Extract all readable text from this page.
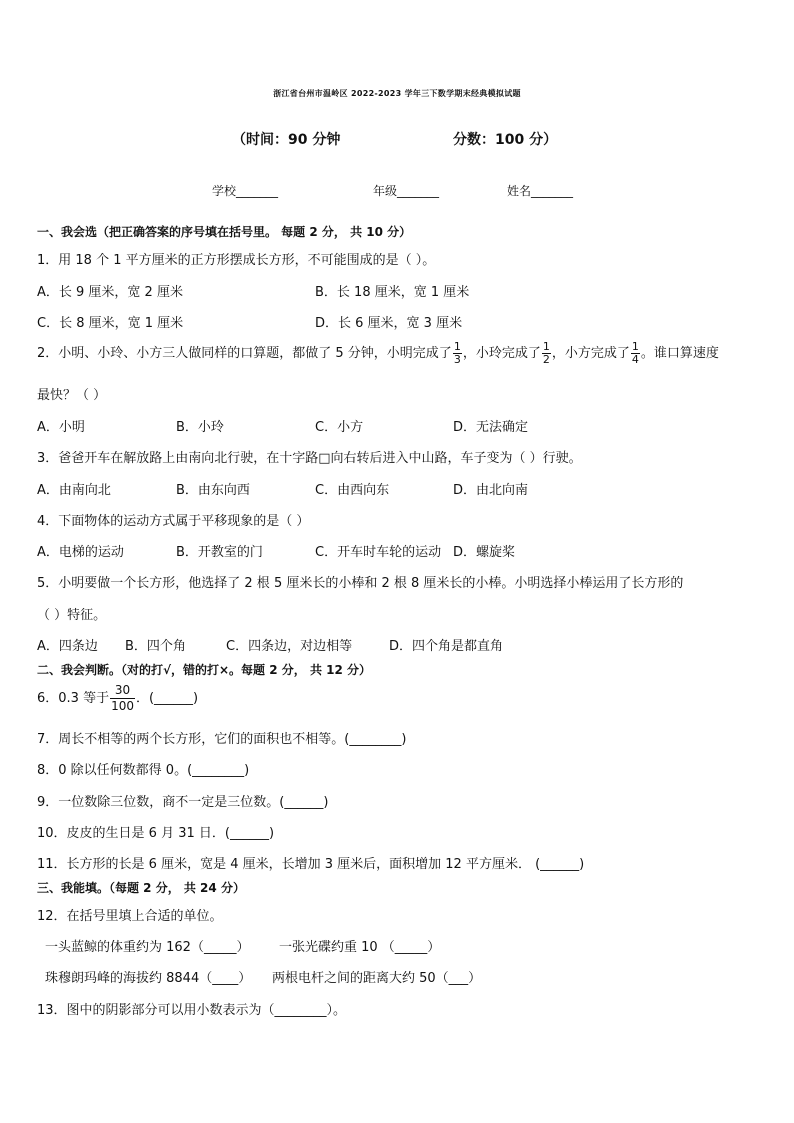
浙江省台州市温岭区 2022-2023 学年三下数学期末经典模拟试题
（时间：90 分钟	分数：100 分）
学校_______	年级_______	姓名_______
一、我会选（把正确答案的序号填在括号里。 每题 2 分， 共 10 分）
1．用 18 个 1 平方厘米的正方形摆成长方形，不可能围成的是（ ）。
A．长 9 厘米，宽 2 厘米	B．长 18 厘米，宽 1 厘米
C．长 8 厘米，宽 1 厘米	D．长 6 厘米，宽 3 厘米
2．小明、小玲、小方三人做同样的口算题，都做了 5 分钟，小明完成了 $\frac{1}{3}$ ，小玲完成了 $\frac{1}{2}$ ，小方完成了 $\frac{1}{4}$ 。谁口算速度
最快？（ ）
A．小明	B．小玲	C．小方	D．无法确定
3．爸爸开车在解放路上由南向北行驶，在十字路□向右转后进入中山路，车子变为（ ）行驶。
A．由南向北	B．由东向西	C．由西向东	D．由北向南
4．下面物体的运动方式属于平移现象的是（ ）
A．电梯的运动	B．开教室的门	C．开车时车轮的运动 D．螺旋桨
5．小明要做一个长方形，他选择了 2 根 5 厘米长的小棒和 2 根 8 厘米长的小棒。小明选择小棒运用了长方形的
（ ）特征。
A．四条边 B．四个角	C．四条边，对边相等	D．四个角是都直角
二、我会判断。（对的打√，错的打×。每题 2 分， 共 12 分）
6．0.3 等于 $\frac{30}{100}$ ．(______)
7．周长不相等的两个长方形，它们的面积也不相等。(________)
8．0 除以任何数都得 0。(________)
9．一位数除三位数，商不一定是三位数。(______)
10．皮皮的生日是 6 月 31 日．(______)
11．长方形的长是 6 厘米，宽是 4 厘米，长增加 3 厘米后，面积增加 12 平方厘米． (______)
三、我能填。（每题 2 分， 共 24 分）
12．在括号里填上合适的单位。
一头蓝鲸的体重约为 162（_____） 一张光碟约重 10 （_____）
珠穆朗玛峰的海拔约 8844（____） 两根电杆之间的距离大约 50（___）
13．图中的阴影部分可以用小数表示为（________）。
